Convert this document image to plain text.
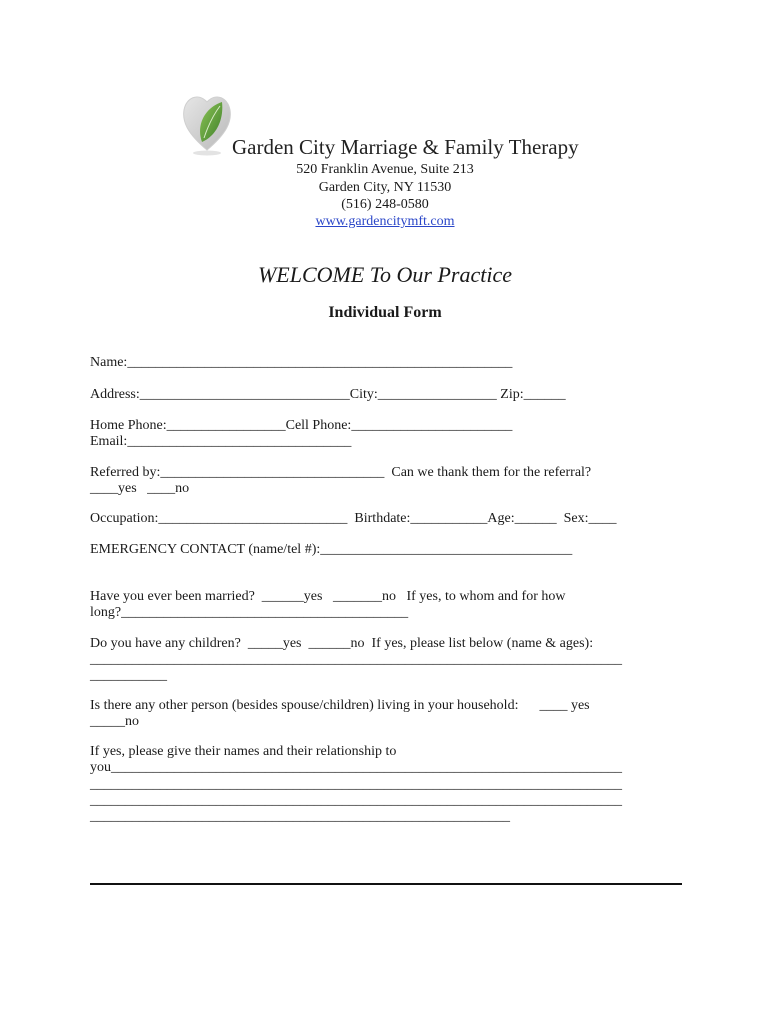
Garden City Marriage & Family Therapy
520 Franklin Avenue, Suite 213
Garden City, NY 11530
(516) 248-0580
www.gardencitymft.com
WELCOME To Our Practice
Individual Form
Name:_______________________________________________________
Address:______________________________City:_________________ Zip:______
Home Phone:_________________Cell Phone:_______________________
Email:________________________________
Referred by:________________________________  Can we thank them for the referral?
____yes   ____no
Occupation:___________________________  Birthdate:___________Age:______  Sex:____
EMERGENCY CONTACT (name/tel #):____________________________________
Have you ever been married?  ______yes   _______no   If yes, to whom and for how
long?_________________________________________
Do you have any children?  _____yes  ______no  If yes, please list below (name & ages):
____________________________________________________________________________
___________
Is there any other person (besides spouse/children) living in your household:      ____ yes
_____no
If yes, please give their names and their relationship to
you_________________________________________________________________________
____________________________________________________________________________
____________________________________________________________________________
____________________________________________________________
